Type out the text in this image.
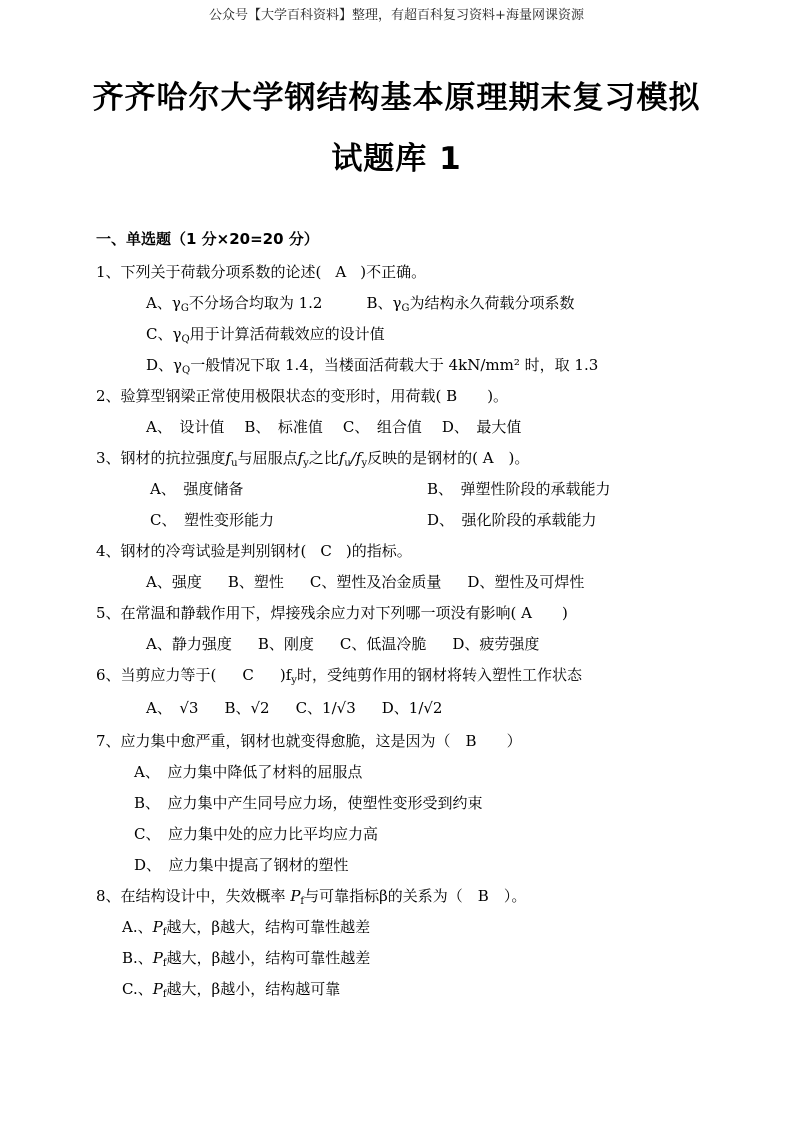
公众号【大学百科资料】整理，有超百科复习资料+海量网课资源
齐齐哈尔大学钢结构基本原理期末复习模拟
试题库 1
一、单选题（1 分×20=20 分）
1、下列关于荷载分项系数的论述( A )不正确。
A、$\gamma_G$不分场合均取为 1.2	B、$\gamma_G$为结构永久荷载分项系数
C、$\gamma_Q$用于计算活荷载效应的设计值
D、$\gamma_Q$一般情况下取 1.4，当楼面活荷载大于 4kN/mm² 时，取 1.3
2、验算型钢梁正常使用极限状态的变形时，用荷载( B　　)。
A、　设计值 B、　标准值 C、　组合值 D、　最大值
3、钢材的抗拉强度$f_u$与屈服点$f_y$之比$f_u/f_y$反映的是钢材的( A　)。
A、　强度储备	B、　弹塑性阶段的承载能力
C、　塑性变形能力	D、　强化阶段的承载能力
4、钢材的冷弯试验是判别钢材( C )的指标。
A、强度 B、塑性 C、塑性及冶金质量 D、塑性及可焊性
5、在常温和静载作用下，焊接残余应力对下列哪一项没有影响( A　　)
A、静力强度 B、刚度 C、低温冷脆 D、疲劳强度
6、当剪应力等于( C )$f_y$时，受纯剪作用的钢材将转入塑性工作状态
A、　√3 B、√2 C、1/√3 D、1/√2
7、应力集中愈严重，钢材也就变得愈脆，这是因为（　B　　）
A、　应力集中降低了材料的屈服点
B、　应力集中产生同号应力场，使塑性变形受到约束
C、　应力集中处的应力比平均应力高
D、　应力集中提高了钢材的塑性
8、在结构设计中，失效概率 $P_f$与可靠指标β的关系为（　B　）。
A.、$P_f$越大，β越大，结构可靠性越差
B.、$P_f$越大，β越小，结构可靠性越差
C.、$P_f$越大，β越小，结构越可靠
